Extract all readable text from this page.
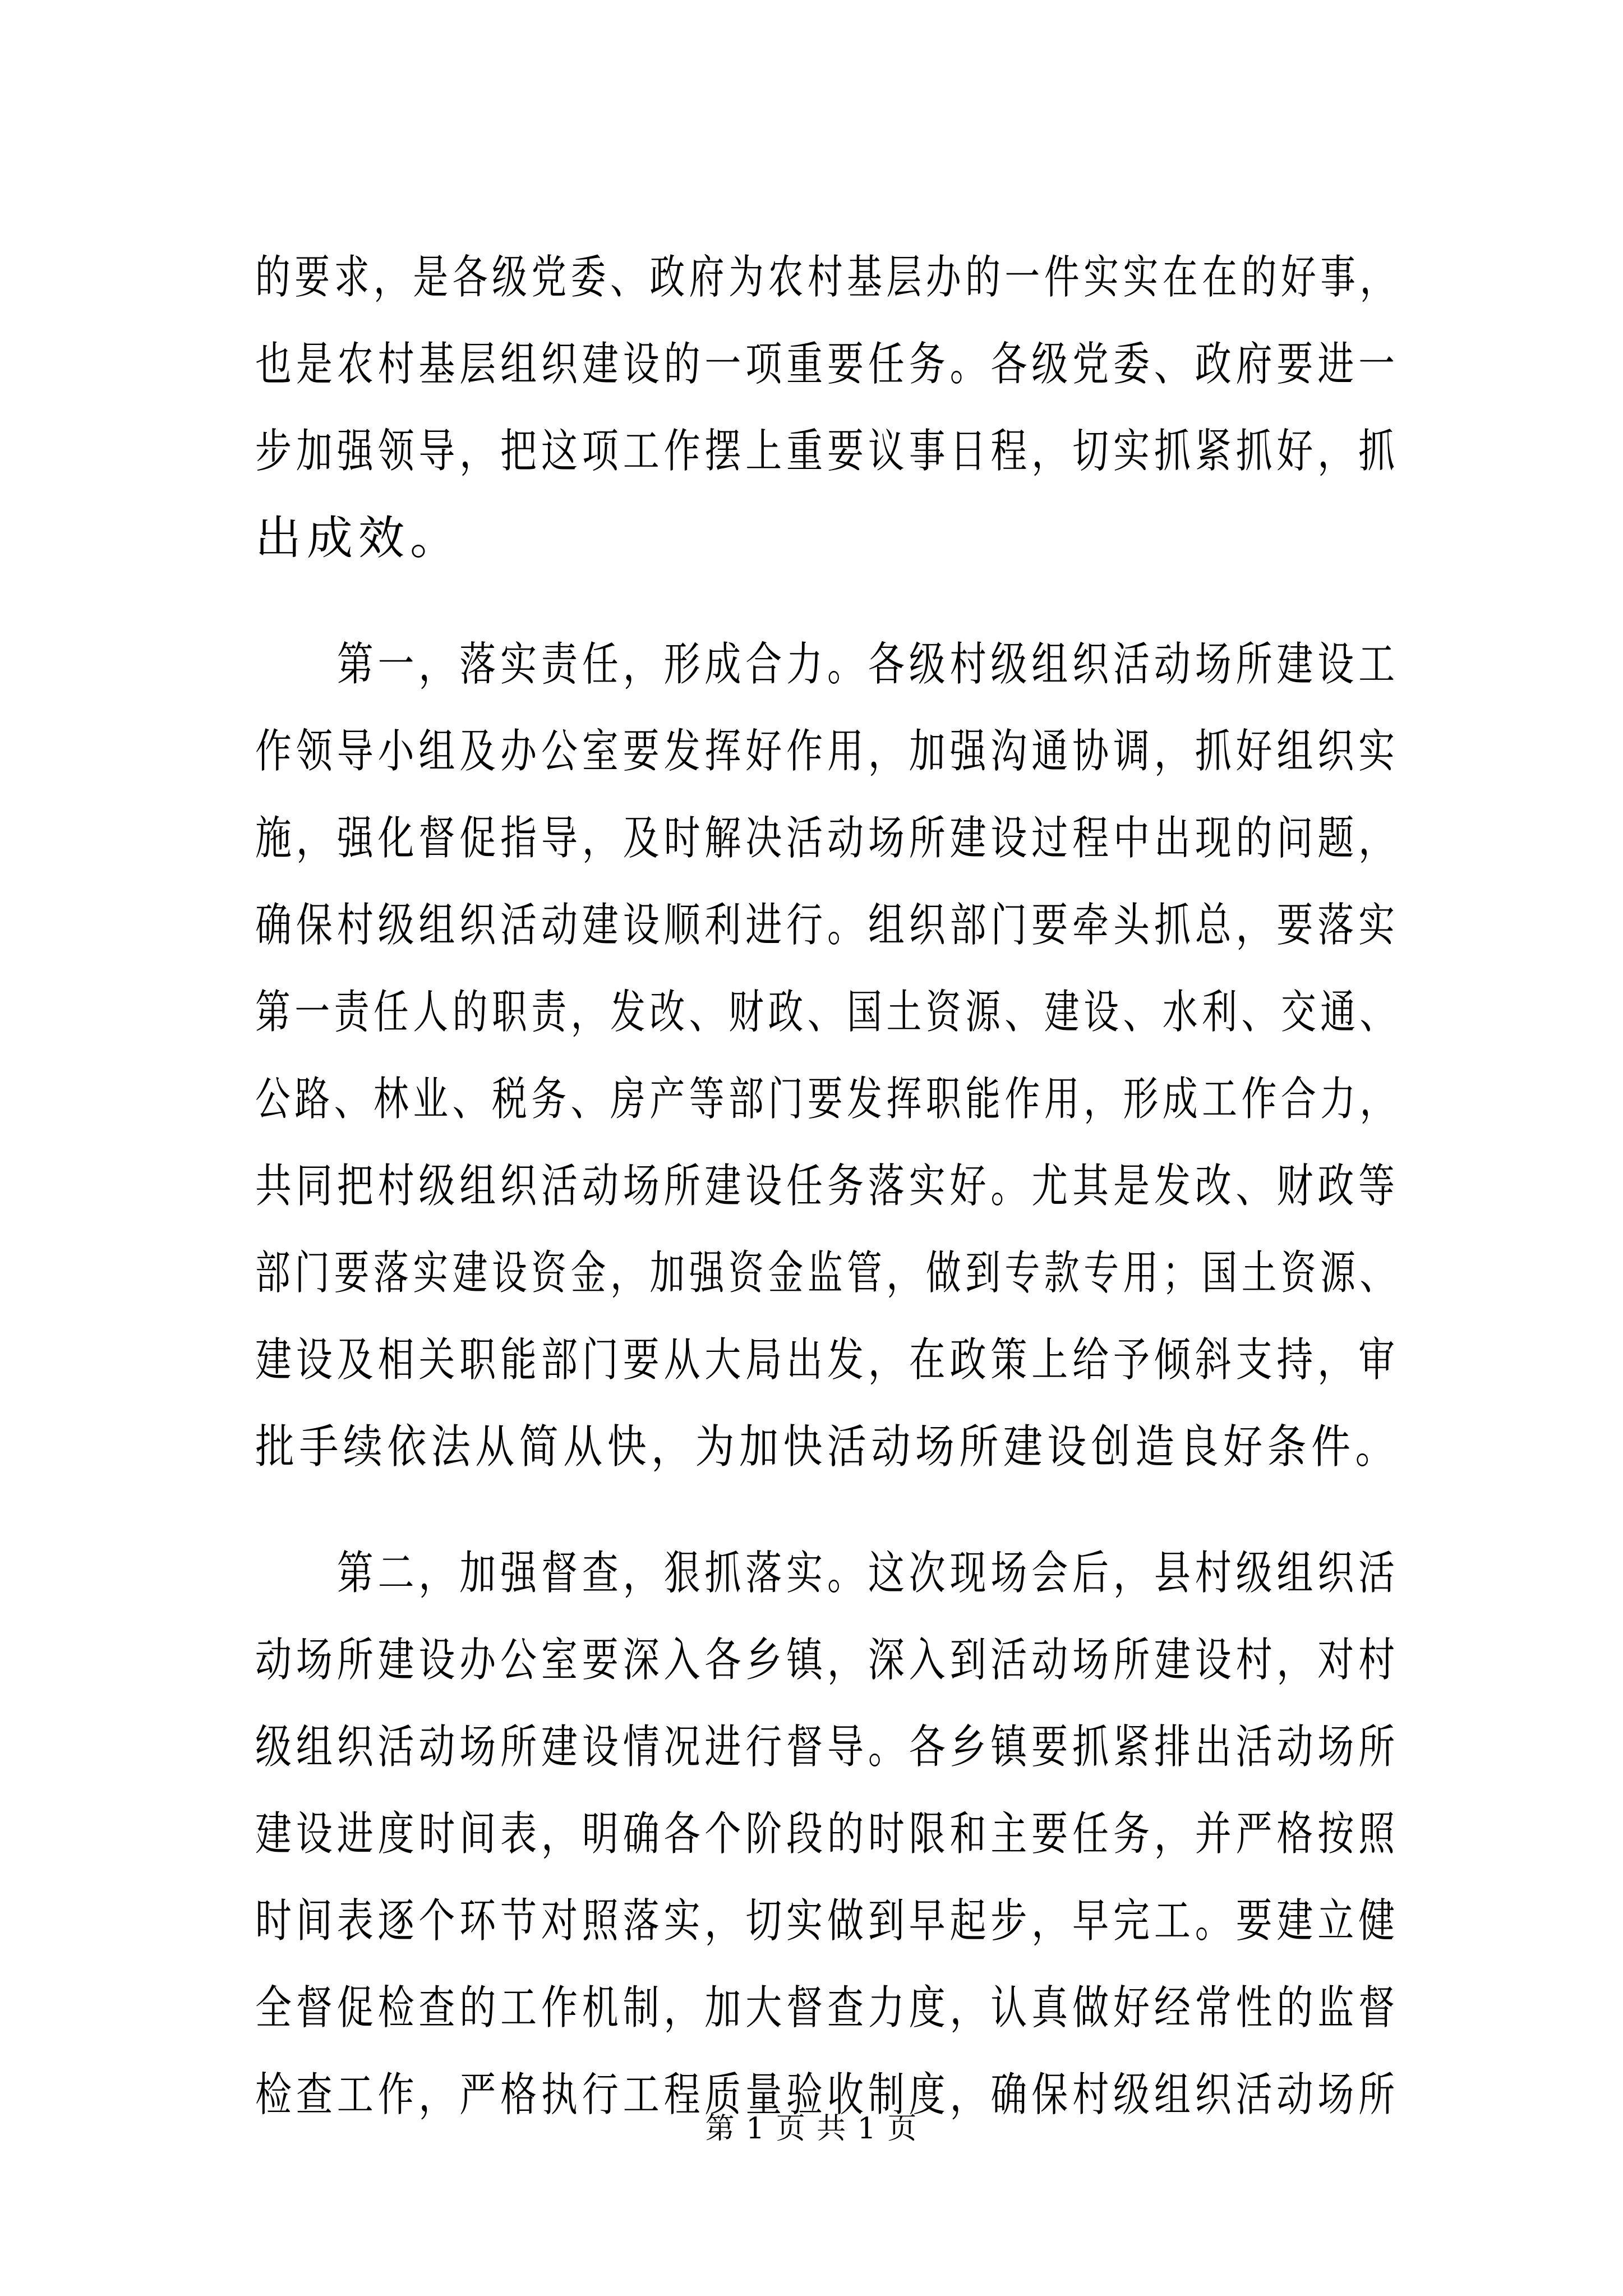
的要求，是各级党委、政府为农村基层办的一件实实在在的好事，
也是农村基层组织建设的一项重要任务。各级党委、政府要进一
步加强领导，把这项工作摆上重要议事日程，切实抓紧抓好，抓
出成效。
　　第一，落实责任，形成合力。各级村级组织活动场所建设工
作领导小组及办公室要发挥好作用，加强沟通协调，抓好组织实
施，强化督促指导，及时解决活动场所建设过程中出现的问题，
确保村级组织活动建设顺利进行。组织部门要牵头抓总，要落实
第一责任人的职责，发改、财政、国土资源、建设、水利、交通、
公路、林业、税务、房产等部门要发挥职能作用，形成工作合力，
共同把村级组织活动场所建设任务落实好。尤其是发改、财政等
部门要落实建设资金，加强资金监管，做到专款专用；国土资源、
建设及相关职能部门要从大局出发，在政策上给予倾斜支持，审
批手续依法从简从快，为加快活动场所建设创造良好条件。
　　第二，加强督查，狠抓落实。这次现场会后，县村级组织活
动场所建设办公室要深入各乡镇，深入到活动场所建设村，对村
级组织活动场所建设情况进行督导。各乡镇要抓紧排出活动场所
建设进度时间表，明确各个阶段的时限和主要任务，并严格按照
时间表逐个环节对照落实，切实做到早起步，早完工。要建立健
全督促检查的工作机制，加大督查力度，认真做好经常性的监督
检查工作，严格执行工程质量验收制度，确保村级组织活动场所
第 1 页 共 1 页
